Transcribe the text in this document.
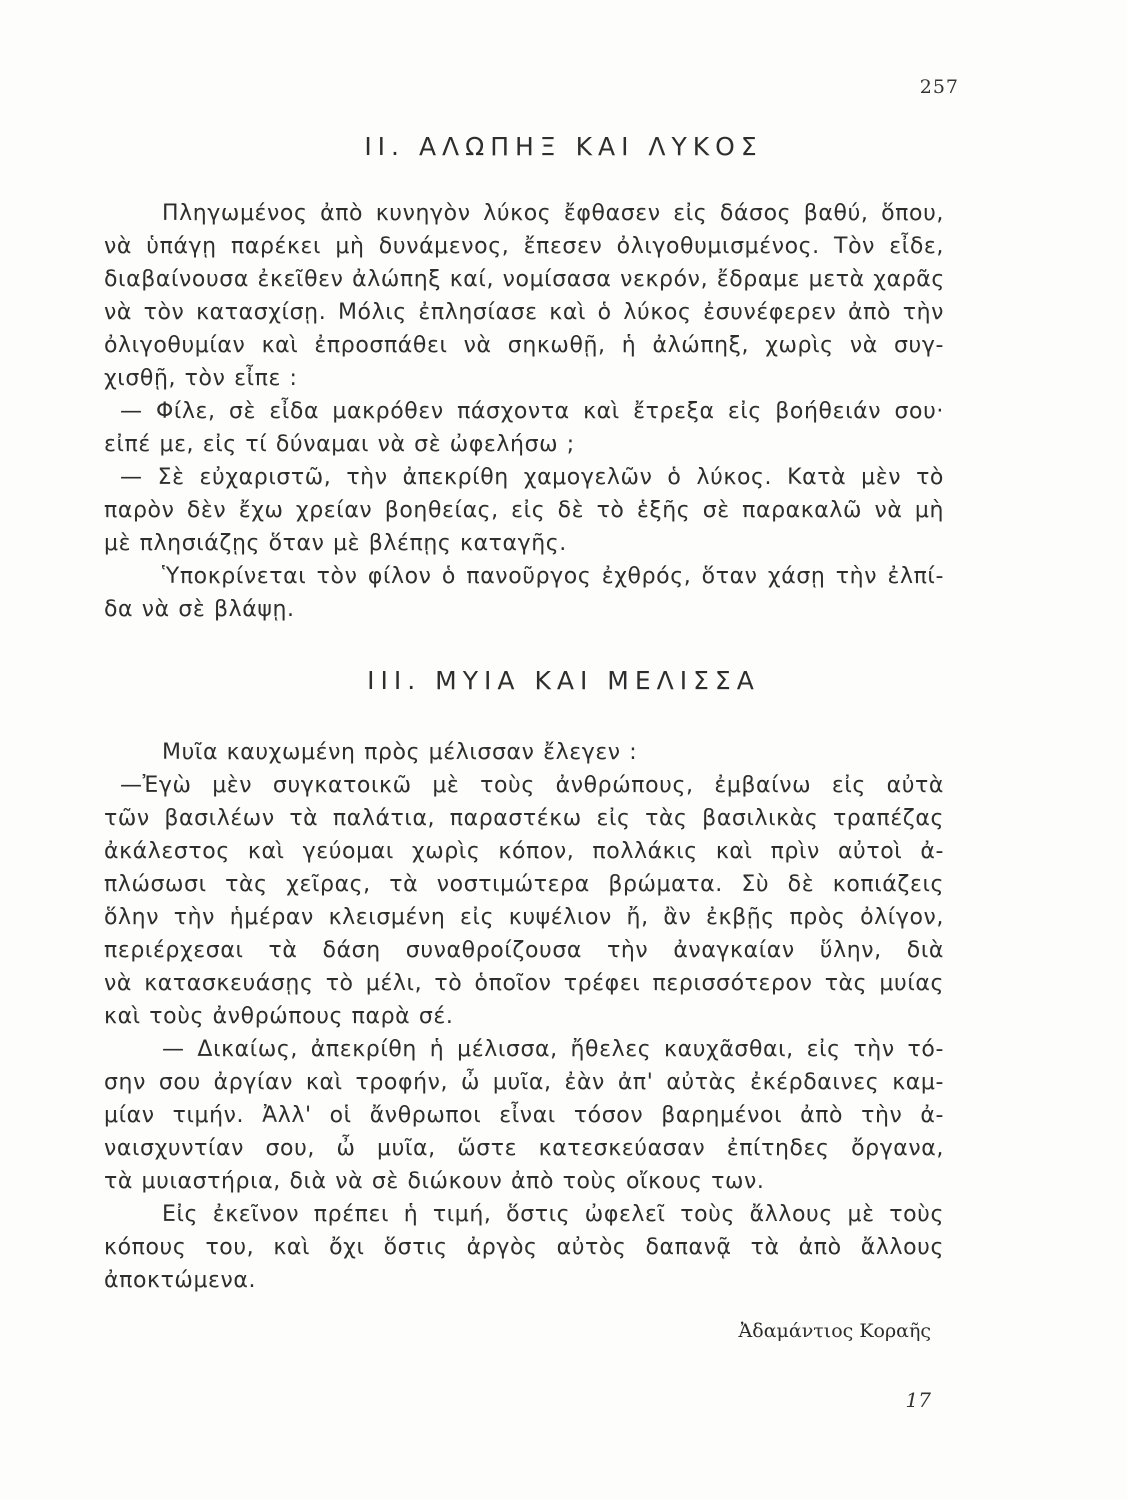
257
II. ΑΛΩΠΗΞ ΚΑΙ ΛΥΚΟΣ
Πληγωμένος ἀπὸ κυνηγὸν λύκος ἔφθασεν εἰς δάσος βαθύ, ὅπου,
νὰ ὑπάγῃ παρέκει μὴ δυνάμενος, ἔπεσεν ὀλιγοθυμισμένος. Τὸν εἶδε,
διαβαίνουσα ἐκεῖθεν ἀλώπηξ καί, νομίσασα νεκρόν, ἔδραμε μετὰ χαρᾶς
νὰ τὸν κατασχίσῃ. Μόλις ἐπλησίασε καὶ ὁ λύκος ἐσυνέφερεν ἀπὸ τὴν
ὀλιγοθυμίαν καὶ ἐπροσπάθει νὰ σηκωθῇ, ἡ ἀλώπηξ, χωρὶς νὰ συγ-
χισθῇ, τὸν εἶπε :
— Φίλε, σὲ εἶδα μακρόθεν πάσχοντα καὶ ἔτρεξα εἰς βοήθειάν σου·
εἰπέ με, εἰς τί δύναμαι νὰ σὲ ὠφελήσω ;
— Σὲ εὐχαριστῶ, τὴν ἀπεκρίθη χαμογελῶν ὁ λύκος. Κατὰ μὲν τὸ
παρὸν δὲν ἔχω χρείαν βοηθείας, εἰς δὲ τὸ ἑξῆς σὲ παρακαλῶ νὰ μὴ
μὲ πλησιάζῃς ὅταν μὲ βλέπῃς καταγῆς.
Ὑποκρίνεται τὸν φίλον ὁ πανοῦργος ἐχθρός, ὅταν χάσῃ τὴν ἐλπί-
δα νὰ σὲ βλάψῃ.
III. ΜΥΙΑ ΚΑΙ ΜΕΛΙΣΣΑ
Μυῖα καυχωμένη πρὸς μέλισσαν ἔλεγεν :
—Ἐγὼ μὲν συγκατοικῶ μὲ τοὺς ἀνθρώπους, ἐμβαίνω εἰς αὐτὰ
τῶν βασιλέων τὰ παλάτια, παραστέκω εἰς τὰς βασιλικὰς τραπέζας
ἀκάλεστος καὶ γεύομαι χωρὶς κόπον, πολλάκις καὶ πρὶν αὐτοὶ ἀ-
πλώσωσι τὰς χεῖρας, τὰ νοστιμώτερα βρώματα. Σὺ δὲ κοπιάζεις
ὅλην τὴν ἡμέραν κλεισμένη εἰς κυψέλιον ἤ, ἂν ἐκβῇς πρὸς ὀλίγον,
περιέρχεσαι τὰ δάση συναθροίζουσα τὴν ἀναγκαίαν ὕλην, διὰ
νὰ κατασκευάσῃς τὸ μέλι, τὸ ὁποῖον τρέφει περισσότερον τὰς μυίας
καὶ τοὺς ἀνθρώπους παρὰ σέ.
— Δικαίως, ἀπεκρίθη ἡ μέλισσα, ἤθελες καυχᾶσθαι, εἰς τὴν τό-
σην σου ἀργίαν καὶ τροφήν, ὦ μυῖα, ἐὰν ἀπ' αὐτὰς ἐκέρδαινες καμ-
μίαν τιμήν. Ἀλλ' οἱ ἄνθρωποι εἶναι τόσον βαρημένοι ἀπὸ τὴν ἀ-
ναισχυντίαν σου, ὦ μυῖα, ὥστε κατεσκεύασαν ἐπίτηδες ὄργανα,
τὰ μυιαστήρια, διὰ νὰ σὲ διώκουν ἀπὸ τοὺς οἴκους των.
Εἰς ἐκεῖνον πρέπει ἡ τιμή, ὅστις ὠφελεῖ τοὺς ἄλλους μὲ τοὺς
κόπους του, καὶ ὄχι ὅστις ἀργὸς αὐτὸς δαπανᾷ τὰ ἀπὸ ἄλλους
ἀποκτώμενα.
Ἀδαμάντιος Κοραῆς
17
